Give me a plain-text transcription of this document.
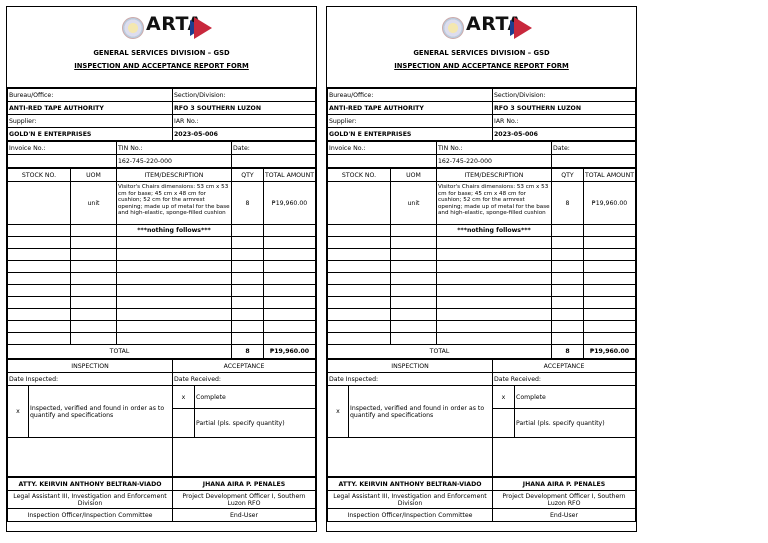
ARTA
GENERAL SERVICES DIVISION – GSD
INSPECTION AND ACCEPTANCE REPORT FORM
Bureau/Office:	Section/Division:
ANTI-RED TAPE AUTHORITY	RFO 3 SOUTHERN LUZON
Supplier:	IAR No.:
GOLD'N E ENTERPRISES	2023-05-006
Invoice No.:	TIN No.:	Date:
	162-745-220-000	
STOCK NO.	UOM	ITEM/DESCRIPTION	QTY	TOTAL AMOUNT
	unit	Visitor's Chairs dimensions: 53 cm x 53 cm for base; 45 cm x 48 cm for cushion; 52 cm for the armrest opening; made up of metal for the base and high-elastic, sponge-filled cushion	8	₱19,960.00
		***nothing follows***		

TOTAL			8	₱19,960.00
INSPECTION		ACCEPTANCE	
Date Inspected:		Date Received:	
x	Inspected, verified and found in order as to quantify and specifications	x	Complete
			Partial (pls. specify quantity)

ATTY. KEIRVIN ANTHONY BELTRAN-VIADO	JHANA AIRA P. PENALES
Legal Assistant III, Investigation and Enforcement Division	Project Development Officer I, Southern Luzon RFO
Inspection Officer/Inspection Committee	End-User
ARTA
GENERAL SERVICES DIVISION – GSD
INSPECTION AND ACCEPTANCE REPORT FORM
Bureau/Office:	Section/Division:
ANTI-RED TAPE AUTHORITY	RFO 3 SOUTHERN LUZON
Supplier:	IAR No.:
GOLD'N E ENTERPRISES	2023-05-006
Invoice No.:	TIN No.:	Date:
	162-745-220-000	
STOCK NO.	UOM	ITEM/DESCRIPTION	QTY	TOTAL AMOUNT
	unit	Visitor's Chairs dimensions: 53 cm x 53 cm for base; 45 cm x 48 cm for cushion; 52 cm for the armrest opening; made up of metal for the base and high-elastic, sponge-filled cushion	8	₱19,960.00
		***nothing follows***		

TOTAL			8	₱19,960.00
INSPECTION		ACCEPTANCE	
Date Inspected:		Date Received:	
x	Inspected, verified and found in order as to quantify and specifications	x	Complete
			Partial (pls. specify quantity)

ATTY. KEIRVIN ANTHONY BELTRAN-VIADO	JHANA AIRA P. PENALES
Legal Assistant III, Investigation and Enforcement Division	Project Development Officer I, Southern Luzon RFO
Inspection Officer/Inspection Committee	End-User
